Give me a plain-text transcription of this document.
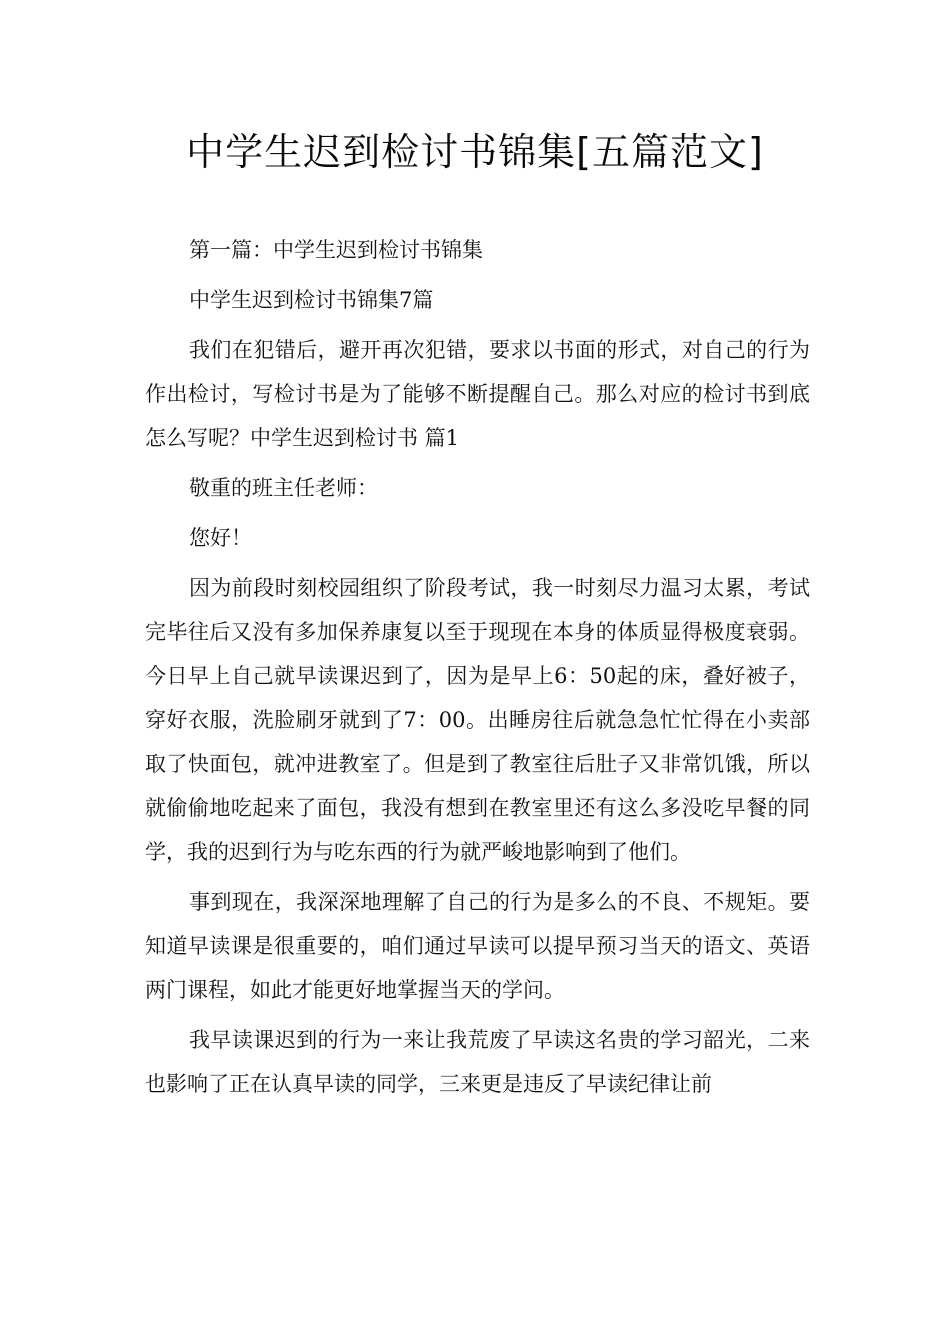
中学生迟到检讨书锦集[五篇范文]

第一篇：中学生迟到检讨书锦集

中学生迟到检讨书锦集7篇

我们在犯错后，避开再次犯错，要求以书面的形式，对自己的行为作出检讨，写检讨书是为了能够不断提醒自己。那么对应的检讨书到底怎么写呢？中学生迟到检讨书 篇1

敬重的班主任老师：

您好！

因为前段时刻校园组织了阶段考试，我一时刻尽力温习太累，考试完毕往后又没有多加保养康复以至于现现在本身的体质显得极度衰弱。今日早上自己就早读课迟到了，因为是早上6：50起的床，叠好被子，穿好衣服，洗脸刷牙就到了7：00。出睡房往后就急急忙忙得在小卖部取了快面包，就冲进教室了。但是到了教室往后肚子又非常饥饿，所以就偷偷地吃起来了面包，我没有想到在教室里还有这么多没吃早餐的同学，我的迟到行为与吃东西的行为就严峻地影响到了他们。

事到现在，我深深地理解了自己的行为是多么的不良、不规矩。要知道早读课是很重要的，咱们通过早读可以提早预习当天的语文、英语两门课程，如此才能更好地掌握当天的学问。

我早读课迟到的行为一来让我荒废了早读这名贵的学习韶光，二来也影响了正在认真早读的同学，三来更是违反了早读纪律让前
